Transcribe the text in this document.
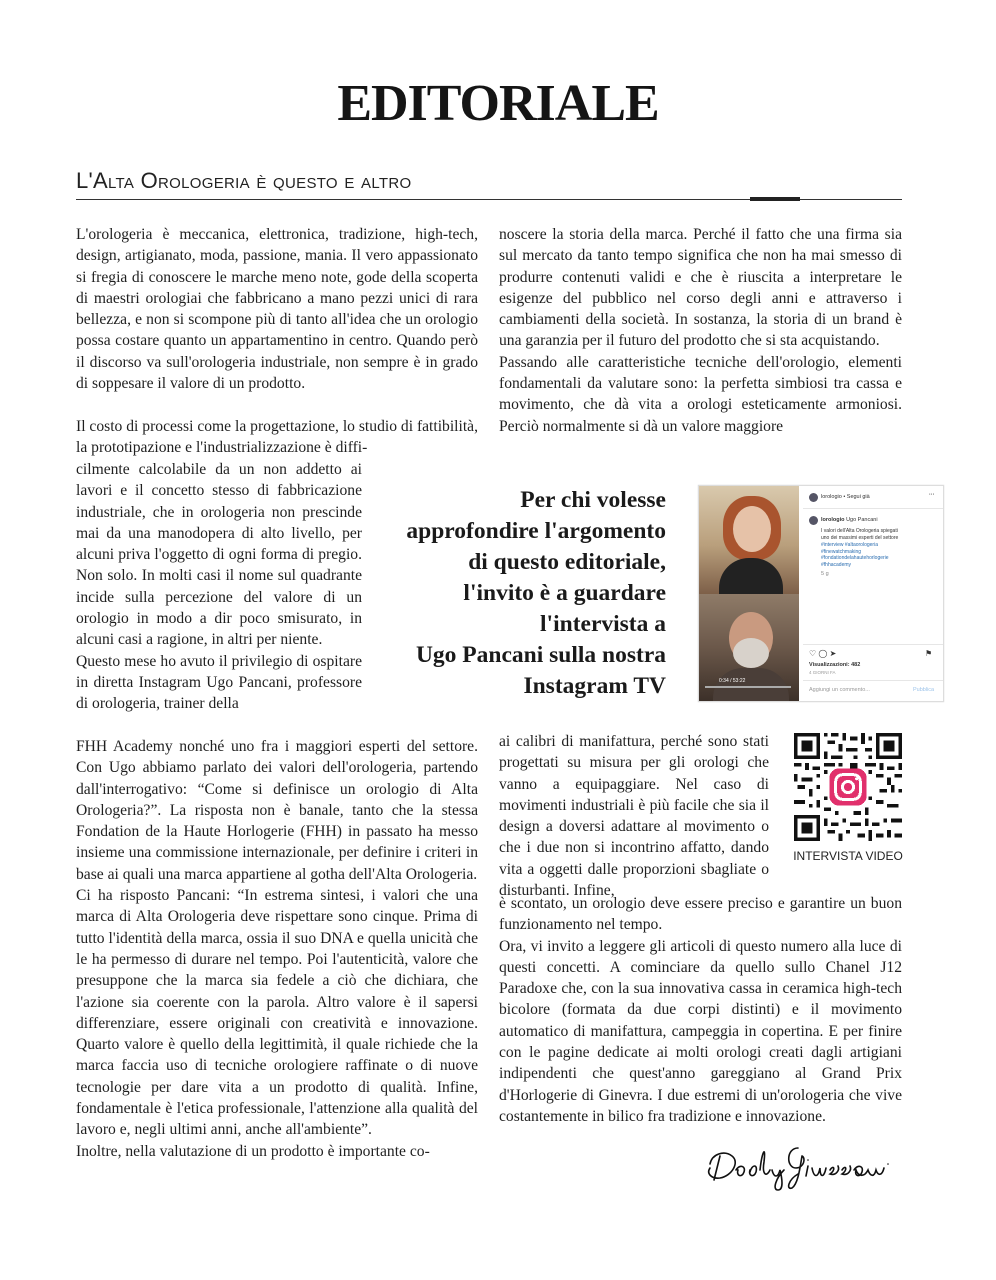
EDITORIALE
L'Alta Orologeria è questo e altro

L'orologeria è meccanica, elettronica, tradizione, high-tech, design, artigianato, moda, passione, mania. Il vero appassionato si fregia di conoscere le marche meno note, gode della scoperta di maestri orologiai che fabbricano a mano pezzi unici di rara bellezza, e non si scompone più di tanto all'idea che un orologio possa costare quanto un appartamentino in centro. Quando però il discorso va sull'orologeria industriale, non sempre è in grado di soppesare il valore di un prodotto.

Il costo di processi come la progettazione, lo studio di fattibilità, la prototipazione e l'industrializzazione è diffi-

cilmente calcolabile da un non addetto ai lavori e il concetto stesso di fabbricazione industriale, che in orologeria non prescinde mai da una manodopera di alto livello, per alcuni priva l'oggetto di ogni forma di pregio. Non solo. In molti casi il nome sul quadrante incide sulla percezione del valore di un orologio in modo a dir poco smisurato, in alcuni casi a ragione, in altri per niente.

Questo mese ho avuto il privilegio di ospitare in diretta Instagram Ugo Pancani, professore di orologeria, trainer della

FHH Academy nonché uno fra i maggiori esperti del settore. Con Ugo abbiamo parlato dei valori dell'orologeria, partendo dall'interrogativo: “Come si definisce un orologio di Alta Orologeria?”. La risposta non è banale, tanto che la stessa Fondation de la Haute Horlogerie (FHH) in passato ha messo insieme una commissione internazionale, per definire i criteri in base ai quali una marca appartiene al gotha dell'Alta Orologeria.

Ci ha risposto Pancani: “In estrema sintesi, i valori che una marca di Alta Orologeria deve rispettare sono cinque. Prima di tutto l'identità della marca, ossia il suo DNA e quella unicità che le ha permesso di durare nel tempo. Poi l'autenticità, valore che presuppone che la marca sia fedele a ciò che dichiara, che l'azione sia coerente con la parola. Altro valore è il sapersi differenziare, essere originali con creatività e innovazione. Quarto valore è quello della legittimità, il quale richiede che la marca faccia uso di tecniche orologiere raffinate o di nuove tecnologie per dare vita a un prodotto di qualità. Infine, fondamentale è l'etica professionale, l'attenzione alla qualità del lavoro e, negli ultimi anni, anche all'ambiente”.

Inoltre, nella valutazione di un prodotto è importante co-

noscere la storia della marca. Perché il fatto che una firma sia sul mercato da tanto tempo significa che non ha mai smesso di produrre contenuti validi e che è riuscita a interpretare le esigenze del pubblico nel corso degli anni e attraverso i cambiamenti della società. In sostanza, la storia di un brand è una garanzia per il futuro del prodotto che si sta acquistando.

Passando alle caratteristiche tecniche dell'orologio, elementi fondamentali da valutare sono: la perfetta simbiosi tra cassa e movimento, che dà vita a orologi esteticamente armoniosi. Perciò normalmente si dà un valore maggiore

Per chi volesse
approfondire l'argomento
di questo editoriale,
l'invito è a guardare
l'intervista a
Ugo Pancani sulla nostra
Instagram TV	0:34 / 53:22
lorologio • Segui già	···
lorologio Ugo Pancani
I valori dell'Alta Orologeria spiegati
uno dei massimi esperti del settore
#interview #altaorologeria
#finewatchmaking
#fondationdelahautehorlogerie
#fhhacademy
5 g
♡ ◯ ➤	⚑
Visualizzazioni: 482
4 GIORNI FA
Aggiungi un commento...	Pubblica

ai calibri di manifattura, perché sono stati progettati su misura per gli orologi che vanno a equipaggiare. Nel caso di movimenti industriali è più facile che sia il design a doversi adattare al movimento o che i due non si incontrino affatto, dando vita a oggetti dalle proporzioni sbagliate o disturbanti. Infine,

è scontato, un orologio deve essere preciso e garantire un buon funzionamento nel tempo.

Ora, vi invito a leggere gli articoli di questo numero alla luce di questi concetti. A cominciare da quello sullo Chanel J12 Paradoxe che, con la sua innovativa cassa in ceramica high-tech bicolore (formata da due corpi distinti) e il movimento automatico di manifattura, campeggia in copertina. E per finire con le pagine dedicate ai molti orologi creati dagli artigiani indipendenti che quest'anno gareggiano al Grand Prix d'Horlogerie di Ginevra. I due estremi di un'orologeria che vive costantemente in bilico fra tradizione e innovazione.

INTERVISTA VIDEO
Dody Giussani
